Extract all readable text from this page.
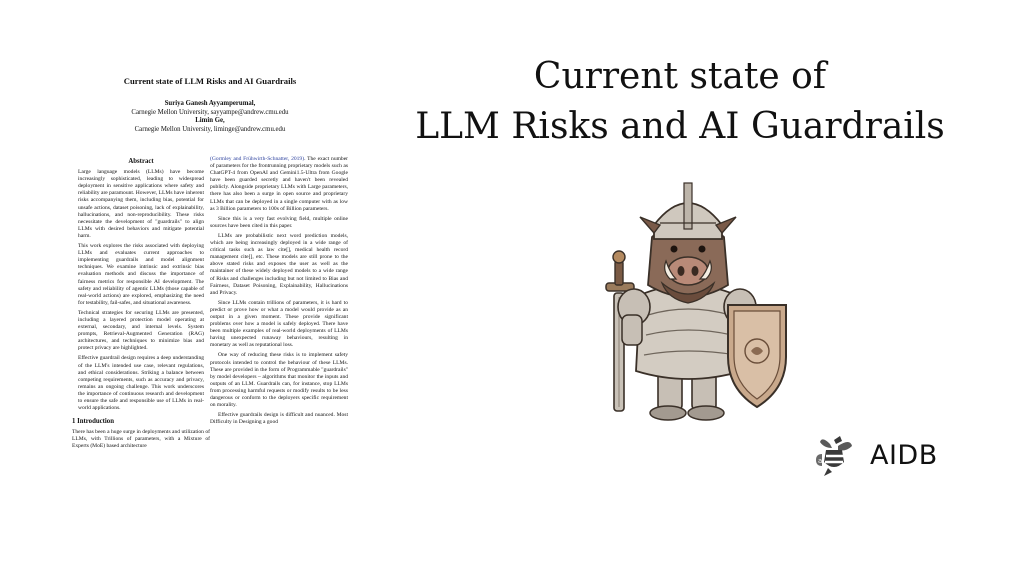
Current state of LLM Risks and AI Guardrails
Suriya Ganesh Ayyamperumal,
Carnegie Mellon University, sayyampe@andrew.cmu.edu
Limin Ge,
Carnegie Mellon University, liminge@andrew.cmu.edu
Abstract

Large language models (LLMs) have become increasingly sophisticated, leading to widespread deployment in sensitive applications where safety and reliability are paramount. However, LLMs have inherent risks accompanying them, including bias, potential for unsafe actions, dataset poisoning, lack of explainability, hallucinations, and non-reproducibility. These risks necessitate the development of "guardrails" to align LLMs with desired behaviors and mitigate potential harm.

This work explores the risks associated with deploying LLMs and evaluates current approaches to implementing guardrails and model alignment techniques. We examine intrinsic and extrinsic bias evaluation methods and discuss the importance of fairness metrics for responsible AI development. The safety and reliability of agentic LLMs (those capable of real-world actions) are explored, emphasizing the need for testability, fail-safes, and situational awareness.

Technical strategies for securing LLMs are presented, including a layered protection model operating at external, secondary, and internal levels. System prompts, Retrieval-Augmented Generation (RAG) architectures, and techniques to minimize bias and protect privacy are highlighted.

Effective guardrail design requires a deep understanding of the LLM's intended use case, relevant regulations, and ethical considerations. Striking a balance between competing requirements, such as accuracy and privacy, remains an ongoing challenge. This work underscores the importance of continuous research and development to ensure the safe and responsible use of LLMs in real-world applications.

1 Introduction

There has been a huge surge in deployments and utilization of LLMs, with Trillions of parameters, with a Mixture of Experts (MoE) based architecture

(Gormley and Frühwirth-Schnatter, 2019). The exact number of parameters for the frontrunning proprietary models such as ChatGPT-4 from OpenAI and Gemini1.5-Ultra from Google have been guarded secretly and haven't been revealed publicly. Alongside proprietary LLMs with Large parameters, there has also been a surge in open source and proprietary LLMs that can be deployed in a single computer with as low as 3 Billion parameters to 100s of Billion parameters.

Since this is a very fast evolving field, multiple online sources have been cited in this paper.

LLMs are probabilistic next word prediction models, which are being increasingly deployed in a wide range of critical tasks such as law cite[], medical health record management cite[], etc. These models are still prone to the above stated risks and exposes the user as well as the maintainer of these widely deployed models to a wide range of Risks and challenges including but not limited to Bias and Fairness, Dataset Poisoning, Explainability, Hallucinations and Privacy.

Since LLMs contain trillions of parameters, it is hard to predict or prove how or what a model would provide as an output in a given moment. These provide significant problems over how a model is safely deployed. There have been multiple examples of real-world deployments of LLMs having unexpected runaway behaviours, resulting in monetary as well as reputational loss.

One way of reducing these risks is to implement safety protocols intended to control the behaviour of these LLMs. These are provided in the form of Programmable "guardrails" by model developers – algorithms that monitor the inputs and outputs of an LLM. Guardrails can, for instance, stop LLMs from processing harmful requests or modify results to be less dangerous or conform to the deployers specific requirement on morality.

Effective guardrails design is difficult and nuanced. Most Difficulty in Designing a good

Current state of
LLM Risks and AI Guardrails
a AIDB
